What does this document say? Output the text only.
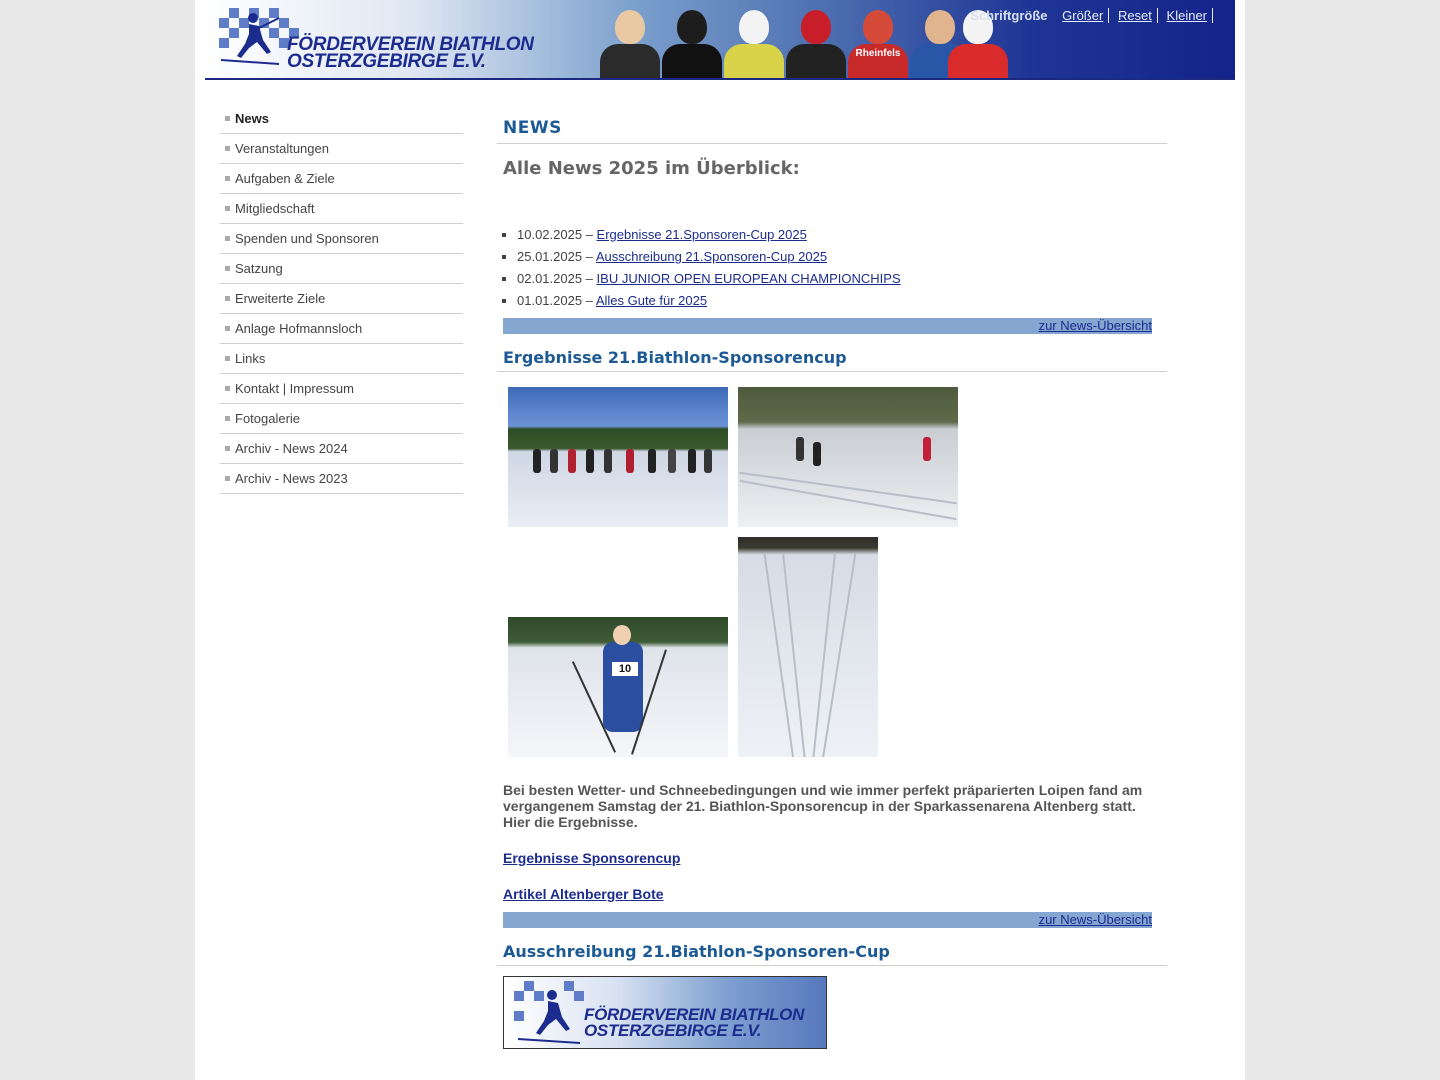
FÖRDERVEREIN BIATHLON
OSTERZGEBIRGE E.V.	Rheinfels
Schriftgröße Größer Reset Kleiner
News
Veranstaltungen
Aufgaben & Ziele
Mitgliedschaft
Spenden und Sponsoren
Satzung
Erweiterte Ziele
Anlage Hofmannsloch
Links
Kontakt | Impressum
Fotogalerie
Archiv - News 2024
Archiv - News 2023
NEWS
Alle News 2025 im Überblick:
▪ 10.02.2025 – Ergebnisse 21.Sponsoren-Cup 2025
▪ 25.01.2025 – Ausschreibung 21.Sponsoren-Cup 2025
▪ 02.01.2025 – IBU JUNIOR OPEN EUROPEAN CHAMPIONCHIPS
▪ 01.01.2025 – Alles Gute für 2025
zur News-Übersicht
Ergebnisse 21.Biathlon-Sponsorencup
10

Bei besten Wetter- und Schneebedingungen und wie immer perfekt präparierten Loipen fand am vergangenem Samstag der 21. Biathlon-Sponsorencup in der Sparkassenarena Altenberg statt. Hier die Ergebnisse.

Ergebnisse Sponsorencup
Artikel Altenberger Bote
zur News-Übersicht
Ausschreibung 21.Biathlon-Sponsoren-Cup
FÖRDERVEREIN BIATHLON
OSTERZGEBIRGE E.V.
